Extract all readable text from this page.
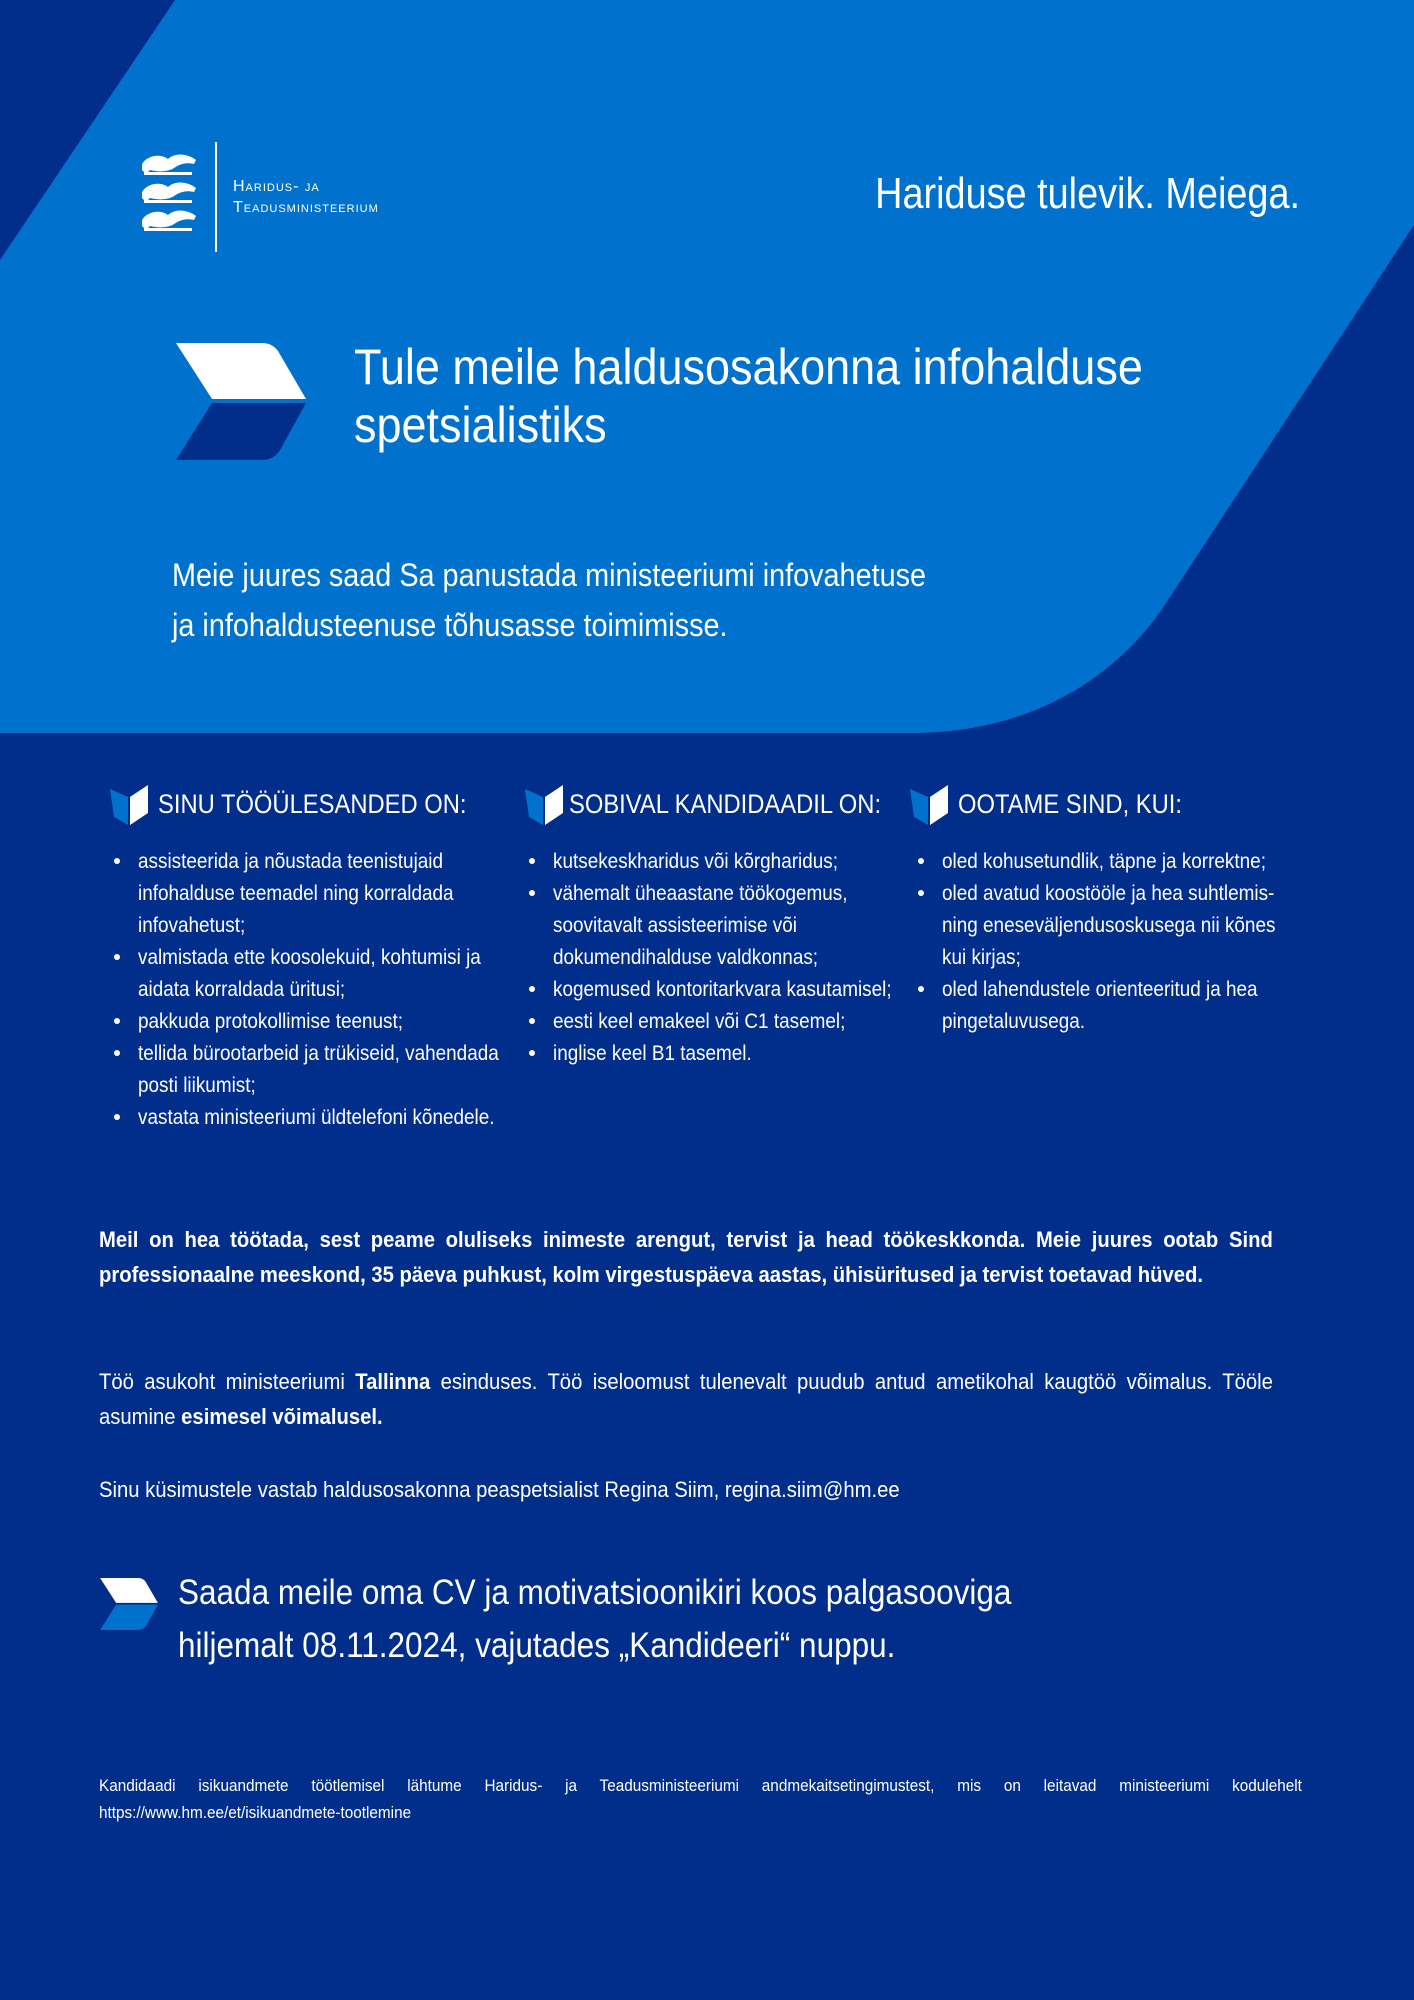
Haridus- ja
Teadusministeerium	Hariduse tulevik. Meiega.
Tule meile haldusosakonna infohalduse
spetsialistiks
Meie juures saad Sa panustada ministeeriumi infovahetuse
ja infohaldusteenuse tõhusasse toimimisse.
SINU TÖÖÜLESANDED ON:
assisteerida ja nõustada teenistujaid infohalduse teemadel ning korraldada infovahetust;
valmistada ette koosolekuid, kohtumisi ja aidata korraldada üritusi;
pakkuda protokollimise teenust;
tellida bürootarbeid ja trükiseid, vahendada posti liikumist;
vastata ministeeriumi üldtelefoni kõnedele.
SOBIVAL KANDIDAADIL ON:
kutsekeskharidus või kõrgharidus;
vähemalt üheaastane töökogemus, soovitavalt assisteerimise või dokumendihalduse valdkonnas;
kogemused kontoritarkvara kasutamisel;
eesti keel emakeel või C1 tasemel;
inglise keel B1 tasemel.
OOTAME SIND, KUI:
oled kohusetundlik, täpne ja korrektne;
oled avatud koostööle ja hea suhtlemis- ning eneseväljendusoskusega nii kõnes kui kirjas;
oled lahendustele orienteeritud ja hea pingetaluvusega.
Meil on hea töötada, sest peame oluliseks inimeste arengut, tervist ja head töökeskkonda. Meie juures ootab Sind professionaalne meeskond, 35 päeva puhkust, kolm virgestuspäeva aastas, ühisüritused ja tervist toetavad hüved.
Töö asukoht ministeeriumi Tallinna esinduses. Töö iseloomust tulenevalt puudub antud ametikohal kaugtöö võimalus. Tööle asumine esimesel võimalusel.
Sinu küsimustele vastab haldusosakonna peaspetsialist Regina Siim, regina.siim@hm.ee
Saada meile oma CV ja motivatsioonikiri koos palgasooviga
hiljemalt 08.11.2024, vajutades „Kandideeri“ nuppu.
Kandidaadi isikuandmete töötlemisel lähtume Haridus- ja Teadusministeeriumi andmekaitsetingimustest, mis on leitavad ministeeriumi kodulehelt https://www.hm.ee/et/isikuandmete-tootlemine
